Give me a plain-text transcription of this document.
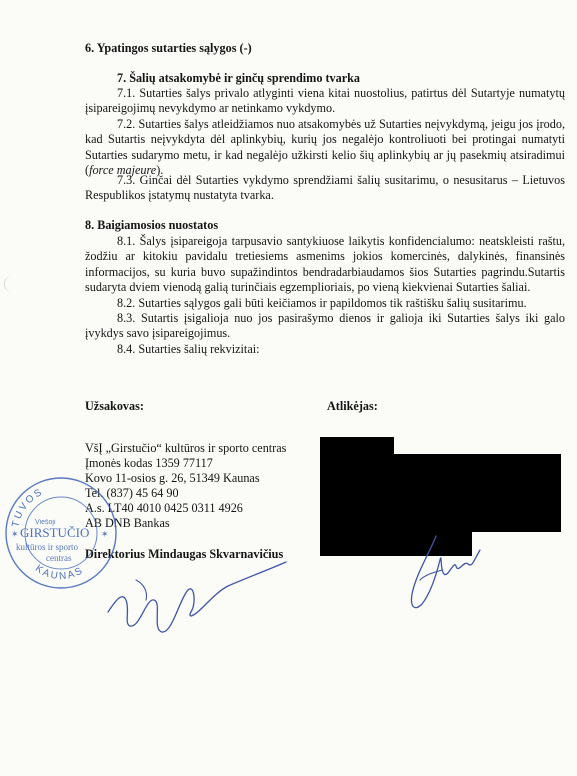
6. Ypatingos sutarties sąlygos (-)
7. Šalių atsakomybė ir ginčų sprendimo tvarka

7.1. Sutarties šalys privalo atlyginti viena kitai nuostolius, patirtus dėl Sutartyje numatytų įsipareigojimų nevykdymo ar netinkamo vykdymo.

7.2. Sutarties šalys atleidžiamos nuo atsakomybės už Sutarties neįvykdymą, jeigu jos įrodo, kad Sutartis neįvykdyta dėl aplinkybių, kurių jos negalėjo kontroliuoti bei protingai numatyti Sutarties sudarymo metu, ir kad negalėjo užkirsti kelio šių aplinkybių ar jų pasekmių atsiradimui (force majeure).

7.3. Ginčai dėl Sutarties vykdymo sprendžiami šalių susitarimu, o nesusitarus – Lietuvos Respublikos įstatymų nustatyta tvarka.

8. Baigiamosios nuostatos

8.1. Šalys įsipareigoja tarpusavio santykiuose laikytis konfidencialumo: neatskleisti raštu, žodžiu ar kitokiu pavidalu tretiesiems asmenims jokios komercinės, dalykinės, finansinės informacijos, su kuria buvo supažindintos bendradarbiaudamos šios Sutarties pagrindu.Sutartis sudaryta dviem vienodą galią turinčiais egzemplioriais, po vieną kiekvienai Sutarties šaliai.

8.2. Sutarties sąlygos gali būti keičiamos ir papildomos tik raštišku šalių susitarimu.

8.3. Sutartis įsigalioja nuo jos pasirašymo dienos ir galioja iki Sutarties šalys iki galo įvykdys savo įsipareigojimus.

8.4. Sutarties šalių rekvizitai:

Užsakovas:	Atlikėjas:
VšĮ „Girstučio“ kultūros ir sporto centras
Įmonės kodas 1359 77117
Kovo 11-osios g. 26, 51349 Kaunas
Tel. (837) 45 64 90
A.s. LT40 4010 0425 0311 4926
AB DNB Bankas
Direktorius Mindaugas Skvarnavičius
TUVOS
KAUNAS
Viešoji
GIRSTUČIO
kultūros ir sporto
centras
✶	✶
